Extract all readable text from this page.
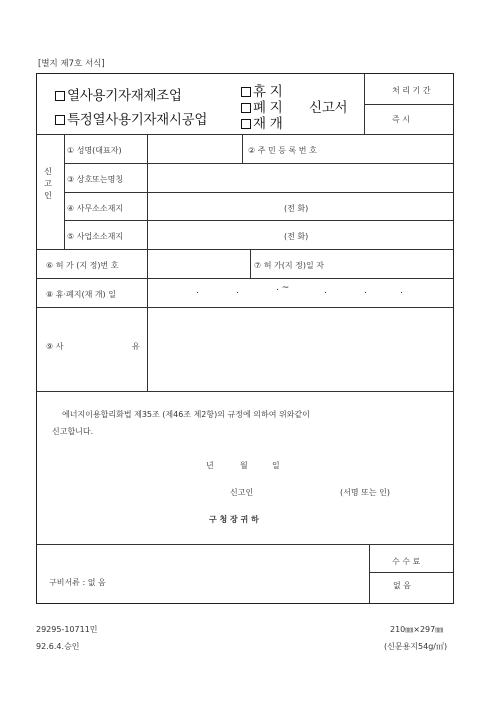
[별지 제7호 서식]
열사용기자재제조업
특정열사용기자재시공업
휴 지
폐 지
재 개
신고서
처 리 기 간
즉 시
신
고
인
① 성명(대표자)	② 주 민 등 록 번 호
③ 상호또는명칭
④ 사무소소재지	(전 화)
⑤ 사업소소재지	(전 화)
⑥ 허 가 (지 정)번 호	⑦ 허 가(지 정)일 자
⑧ 휴·폐지(재 개) 일	.	.	. ~	.	.	.
⑨ 사	유
에너지이용합리화법 제35조 (제46조 제2항)의 규정에 의하여 위와같이
신고합니다.
년	월	일
신고인	(서명 또는 인)
구 청 장 귀 하
구비서류 : 없 음
수 수 료
없 음
29295-10711민
92.6.4.승인
210㎜×297㎜
(신문용지54g/㎡)
